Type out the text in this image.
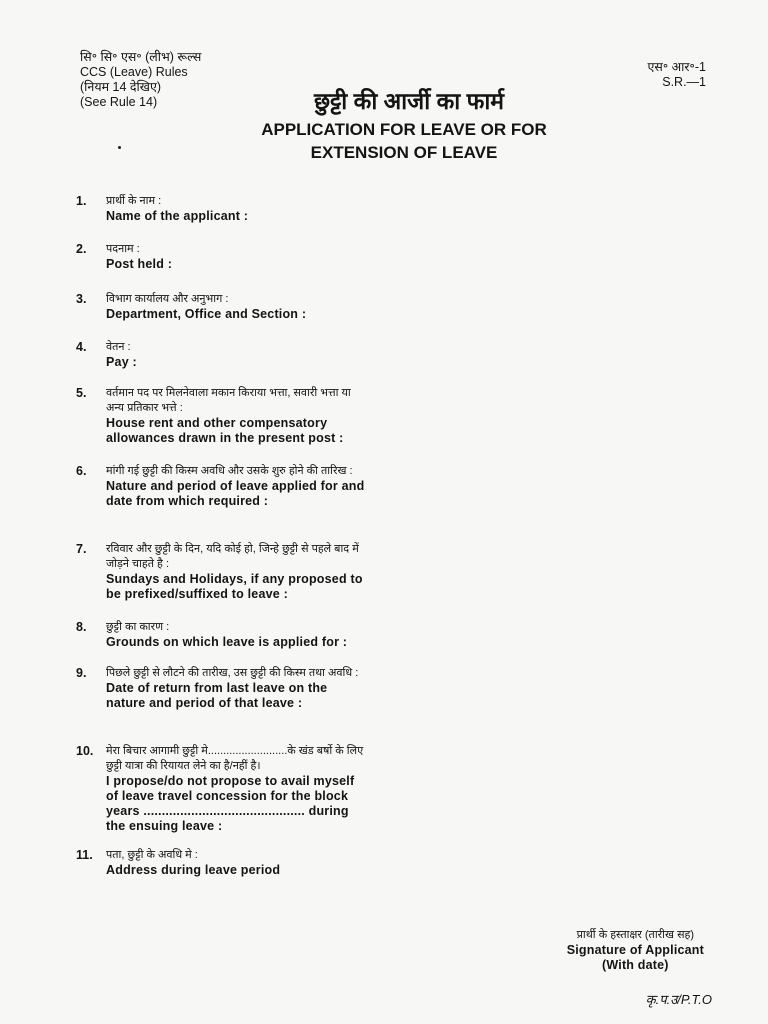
सि॰ सि॰ एस॰ (लीभ) रूल्स
CCS (Leave) Rules
(नियम 14 देखिए)
(See Rule 14)
एस॰ आर॰-1
S.R.—1
छुट्टी की आर्जी का फार्म
APPLICATION FOR LEAVE OR FOR
EXTENSION OF LEAVE
1. प्रार्थी के नाम :
Name of the applicant :
2. पदनाम :
Post held :
3. विभाग कार्यालय और अनुभाग :
Department, Office and Section :
4. वेतन :
Pay :
5. वर्तमान पद पर मिलनेवाला मकान किराया भत्ता, सवारी भत्ता या अन्य प्रतिकार भत्ते :
House rent and other compensatory allowances drawn in the present post :
6. मांगी गई छुट्टी की किस्म अवधि और उसके शुरु होने की तारिख :
Nature and period of leave applied for and date from which required :
7. रविवार और छुट्टी के दिन, यदि कोई हो, जिन्हे छुट्टी से पहले बाद में जोड़ने चाहते है :
Sundays and Holidays, if any proposed to be prefixed/suffixed to leave :
8. छुट्टी का कारण :
Grounds on which leave is applied for :
9. पिछले छुट्टी से लौटने की तारीख, उस छुट्टी की किस्म तथा अवधि :
Date of return from last leave on the nature and period of that leave :
10. मेरा बिचार आगामी छुट्टी मे..........................के खंड बर्षो के लिए छुट्टी यात्रा की रियायत लेने का है/नहीं है।
I propose/do not propose to avail myself of leave travel concession for the block years ............................................ during the ensuing leave :
11. पता, छुट्टी के अवधि मे :
Address during leave period
प्रार्थी के हस्ताक्षर (तारीख सह)
Signature of Applicant
(With date)
कृ.प.उ/P.T.O
